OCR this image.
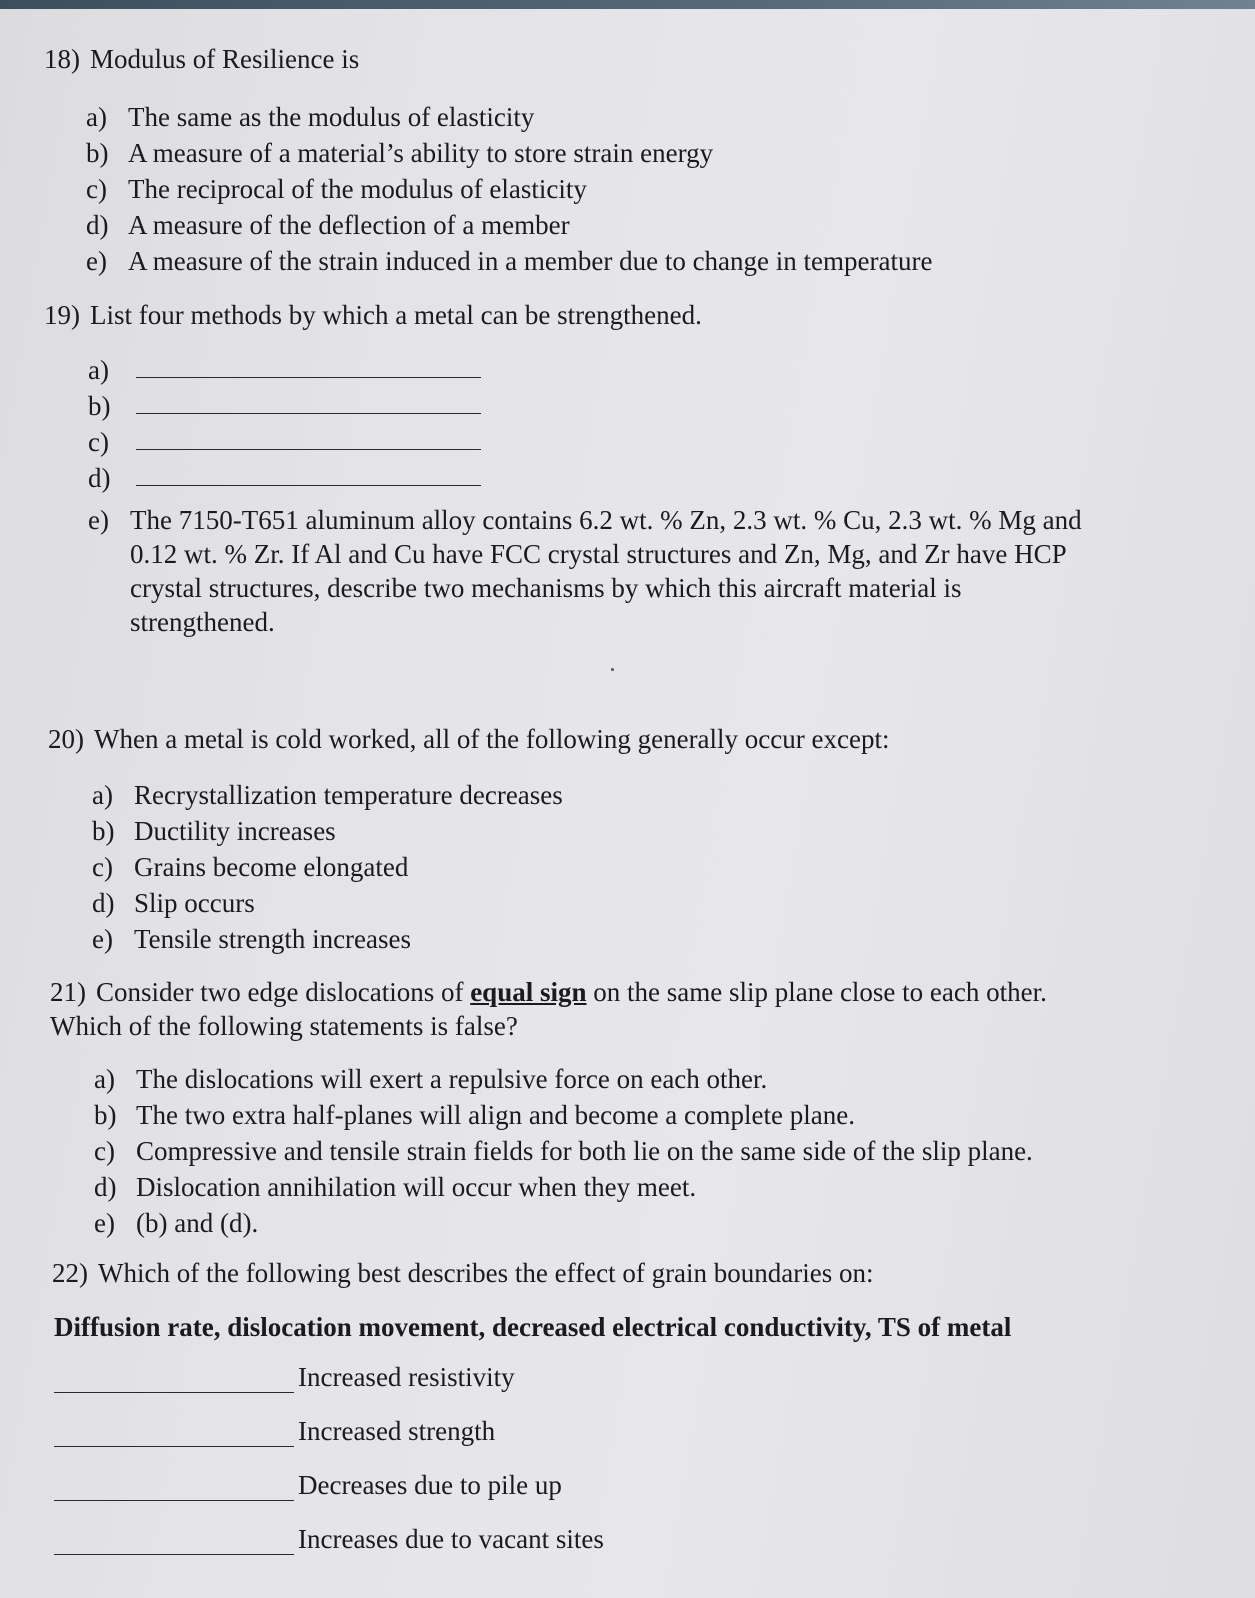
18) Modulus of Resilience is
a) The same as the modulus of elasticity
b) A measure of a material’s ability to store strain energy
c) The reciprocal of the modulus of elasticity
d) A measure of the deflection of a member
e) A measure of the strain induced in a member due to change in temperature
19) List four methods by which a metal can be strengthened.
a)
b)
c)
d)
e) The 7150-T651 aluminum alloy contains 6.2 wt. % Zn, 2.3 wt. % Cu, 2.3 wt. % Mg and
0.12 wt. % Zr. If Al and Cu have FCC crystal structures and Zn, Mg, and Zr have HCP
crystal structures, describe two mechanisms by which this aircraft material is
strengthened.
20) When a metal is cold worked, all of the following generally occur except:
a) Recrystallization temperature decreases
b) Ductility increases
c) Grains become elongated
d) Slip occurs
e) Tensile strength increases
21) Consider two edge dislocations of equal sign on the same slip plane close to each other.
Which of the following statements is false?
a) The dislocations will exert a repulsive force on each other.
b) The two extra half-planes will align and become a complete plane.
c) Compressive and tensile strain fields for both lie on the same side of the slip plane.
d) Dislocation annihilation will occur when they meet.
e) (b) and (d).
22) Which of the following best describes the effect of grain boundaries on:
Diffusion rate, dislocation movement, decreased electrical conductivity, TS of metal
Increased resistivity
Increased strength
Decreases due to pile up
Increases due to vacant sites
